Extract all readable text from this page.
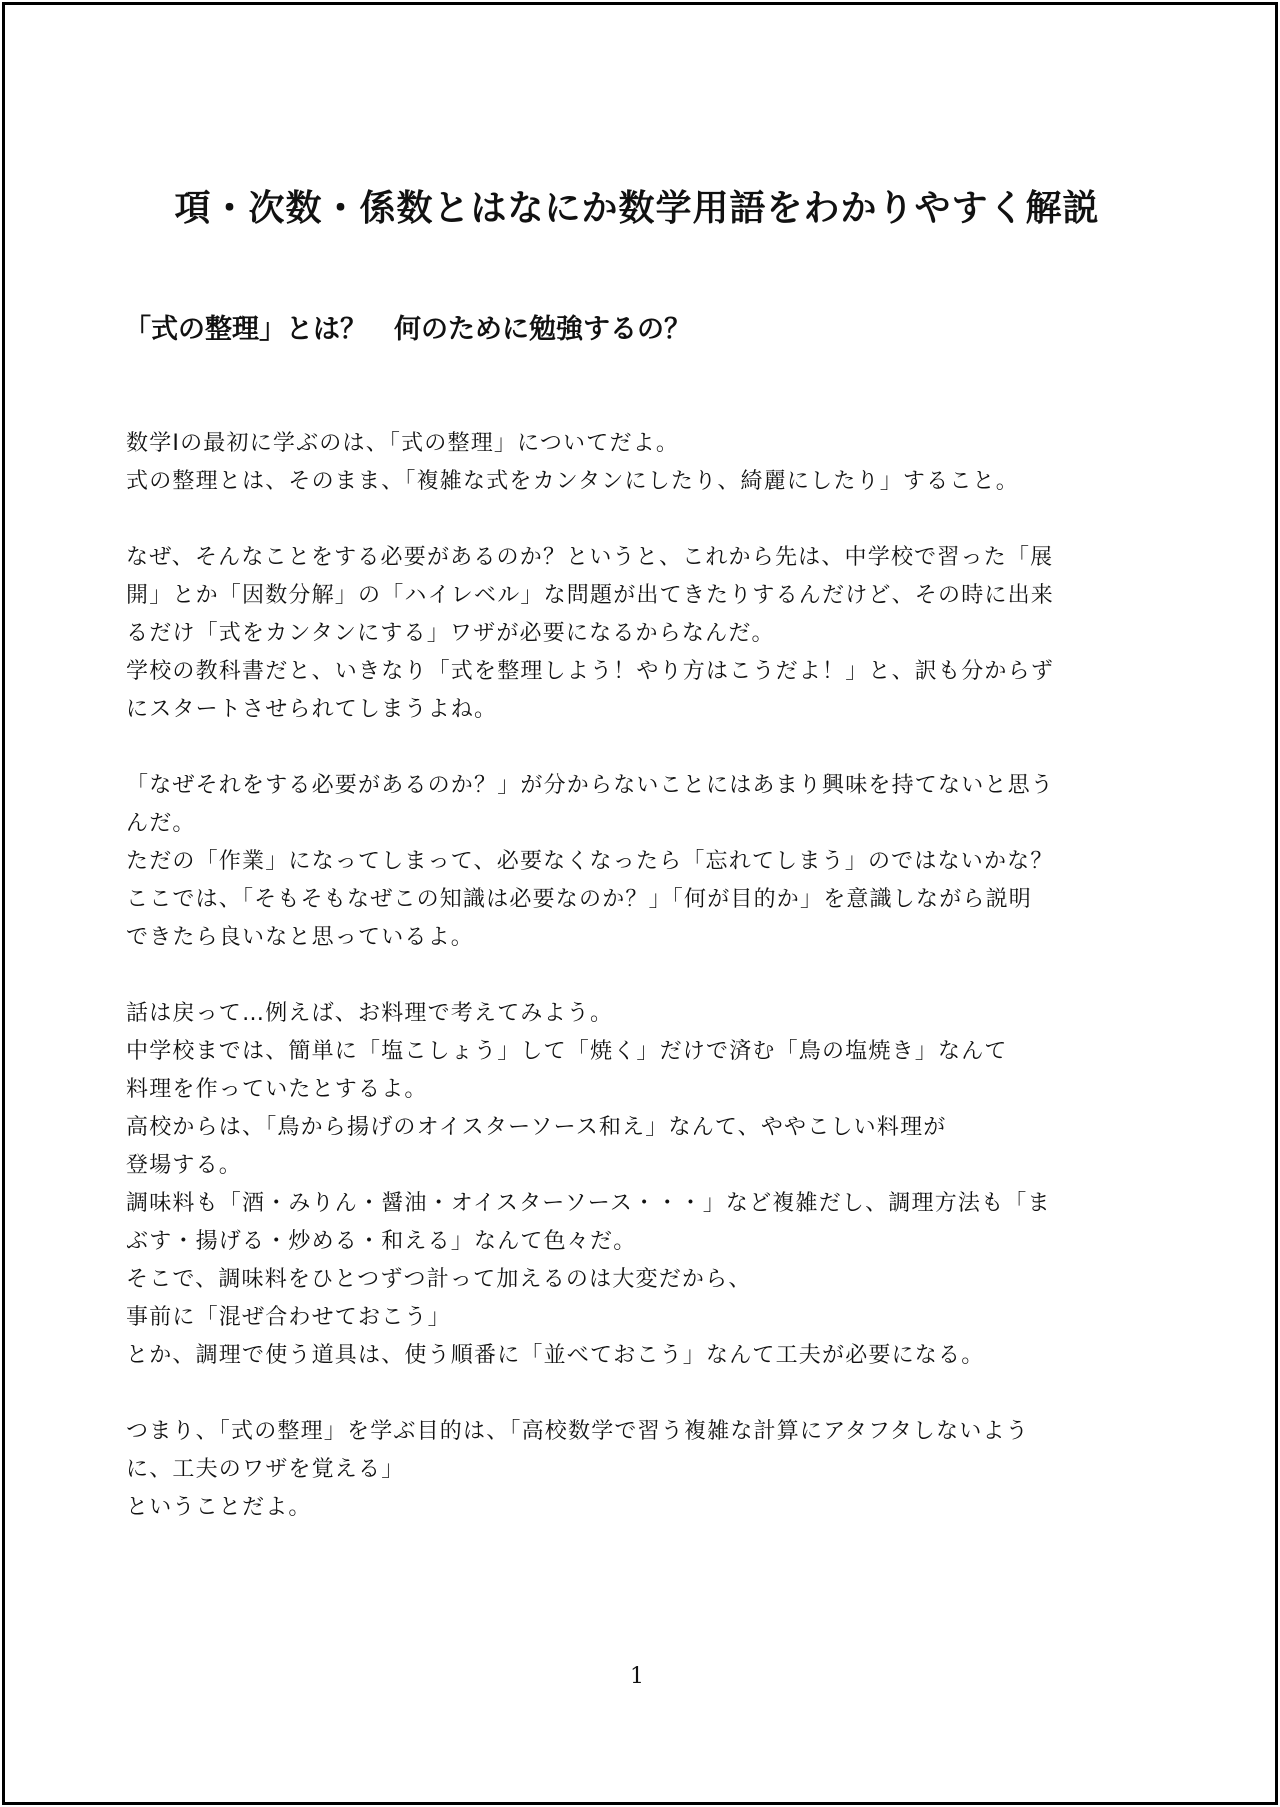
項・次数・係数とはなにか数学用語をわかりやすく解説
「式の整理」とは？　何のために勉強するの？
数学Ⅰの最初に学ぶのは、「式の整理」についてだよ。
式の整理とは、そのまま、「複雑な式をカンタンにしたり、綺麗にしたり」すること。
なぜ、そんなことをする必要があるのか？というと、これから先は、中学校で習った「展
開」とか「因数分解」の「ハイレベル」な問題が出てきたりするんだけど、その時に出来
るだけ「式をカンタンにする」ワザが必要になるからなんだ。
学校の教科書だと、いきなり「式を整理しよう！やり方はこうだよ！」と、訳も分からず
にスタートさせられてしまうよね。
「なぜそれをする必要があるのか？」が分からないことにはあまり興味を持てないと思う
んだ。
ただの「作業」になってしまって、必要なくなったら「忘れてしまう」のではないかな？
ここでは、「そもそもなぜこの知識は必要なのか？」「何が目的か」を意識しながら説明
できたら良いなと思っているよ。
話は戻って…例えば、お料理で考えてみよう。
中学校までは、簡単に「塩こしょう」して「焼く」だけで済む「鳥の塩焼き」なんて
料理を作っていたとするよ。
高校からは、「鳥から揚げのオイスターソース和え」なんて、ややこしい料理が
登場する。
調味料も「酒・みりん・醤油・オイスターソース・・・」など複雑だし、調理方法も「ま
ぶす・揚げる・炒める・和える」なんて色々だ。
そこで、調味料をひとつずつ計って加えるのは大変だから、
事前に「混ぜ合わせておこう」
とか、調理で使う道具は、使う順番に「並べておこう」なんて工夫が必要になる。
つまり、「式の整理」を学ぶ目的は、「高校数学で習う複雑な計算にアタフタしないよう
に、工夫のワザを覚える」
ということだよ。
1
